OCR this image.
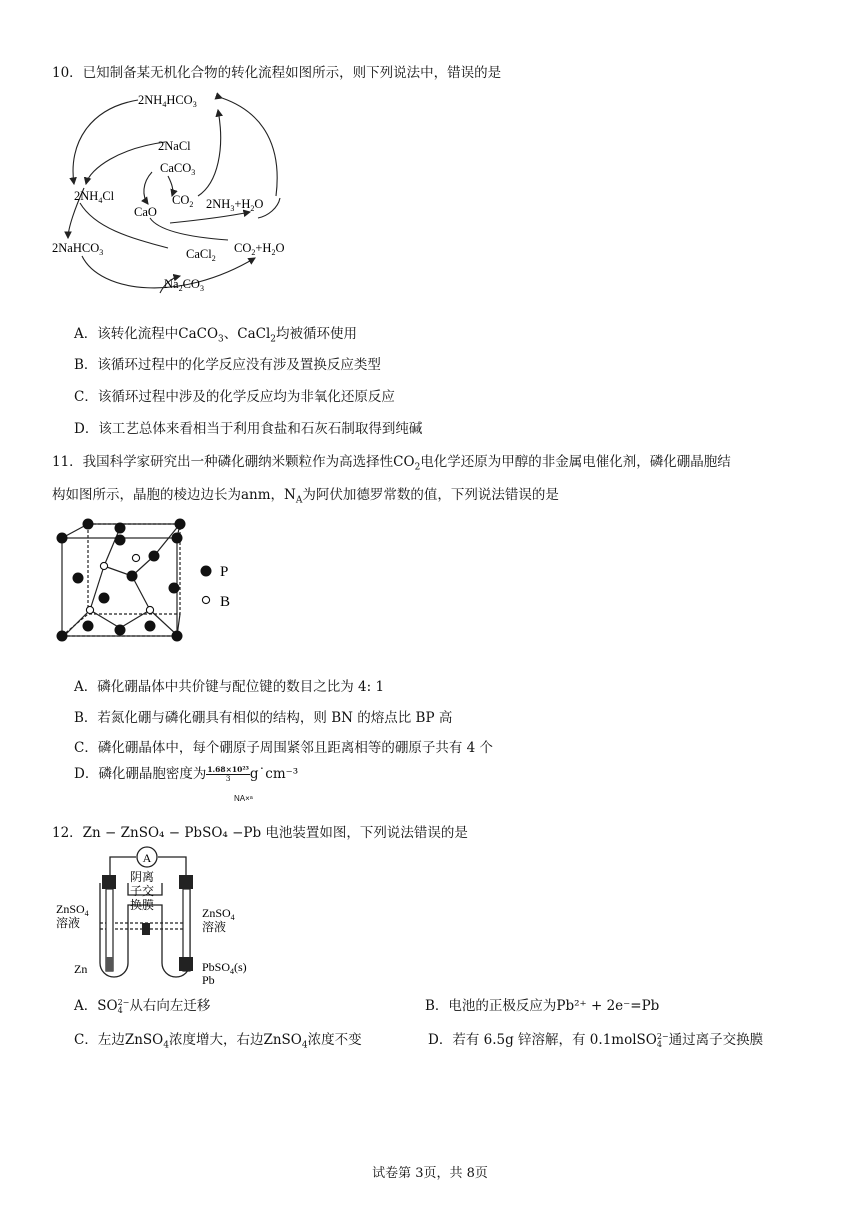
10．已知制备某无机化合物的转化流程如图所示，则下列说法中，错误的是
$2NH_4HCO_3$
2NaCl
CaCO$_3$
$2NH_4Cl$	$CO_2$ $2NH_3+H_2O$
CaO
2NaHCO$_3$	CaCl$_2$
$CO_2+H_2O$
$Na_2CO_3$
A．该转化流程中CaCO$_3$、CaCl$_2$均被循环使用
B．该循环过程中的化学反应没有涉及置换反应类型
C．该循环过程中涉及的化学反应均为非氧化还原反应
D．该工艺总体来看相当于利用食盐和石灰石制取得到纯碱
11．我国科学家研究出一种磷化硼纳米颗粒作为高选择性$CO_2$电化学还原为甲醇的非金属电催化剂，磷化硼晶胞结
构如图所示，晶胞的棱边边长为anm，$N_A$为阿伏加德罗常数的值，下列说法错误的是
P
B
A．磷化硼晶体中共价键与配位键的数目之比为 4: 1
B．若氮化硼与磷化硼具有相似的结构，则 BN 的熔点比 BP 高
C．磷化硼晶体中，每个硼原子周围紧邻且距离相等的硼原子共有 4 个
D．磷化硼晶胞密度为 $\frac{\text{1.68×10²³}}{3}$ g˙cm⁻³
NA×ᵃ
12．Zn − ZnSO₄ − PbSO₄ −Pb 电池装置如图，下列说法错误的是
A
阴离
子交
换膜
ZnSO$_4$
溶液
ZnSO$_4$
溶液
Zn	PbSO$_4$(s)
Pb
A．SO 2−
4 从右向左迁移	B．电池的正极反应为Pb²⁺ + 2e⁻=Pb
C．左边ZnSO$_4$浓度增大，右边ZnSO$_4$浓度不变	D．若有 6.5g 锌溶解，有 0.1molSO 2−
4 通过离子交换膜
试卷第 3页，共 8页
